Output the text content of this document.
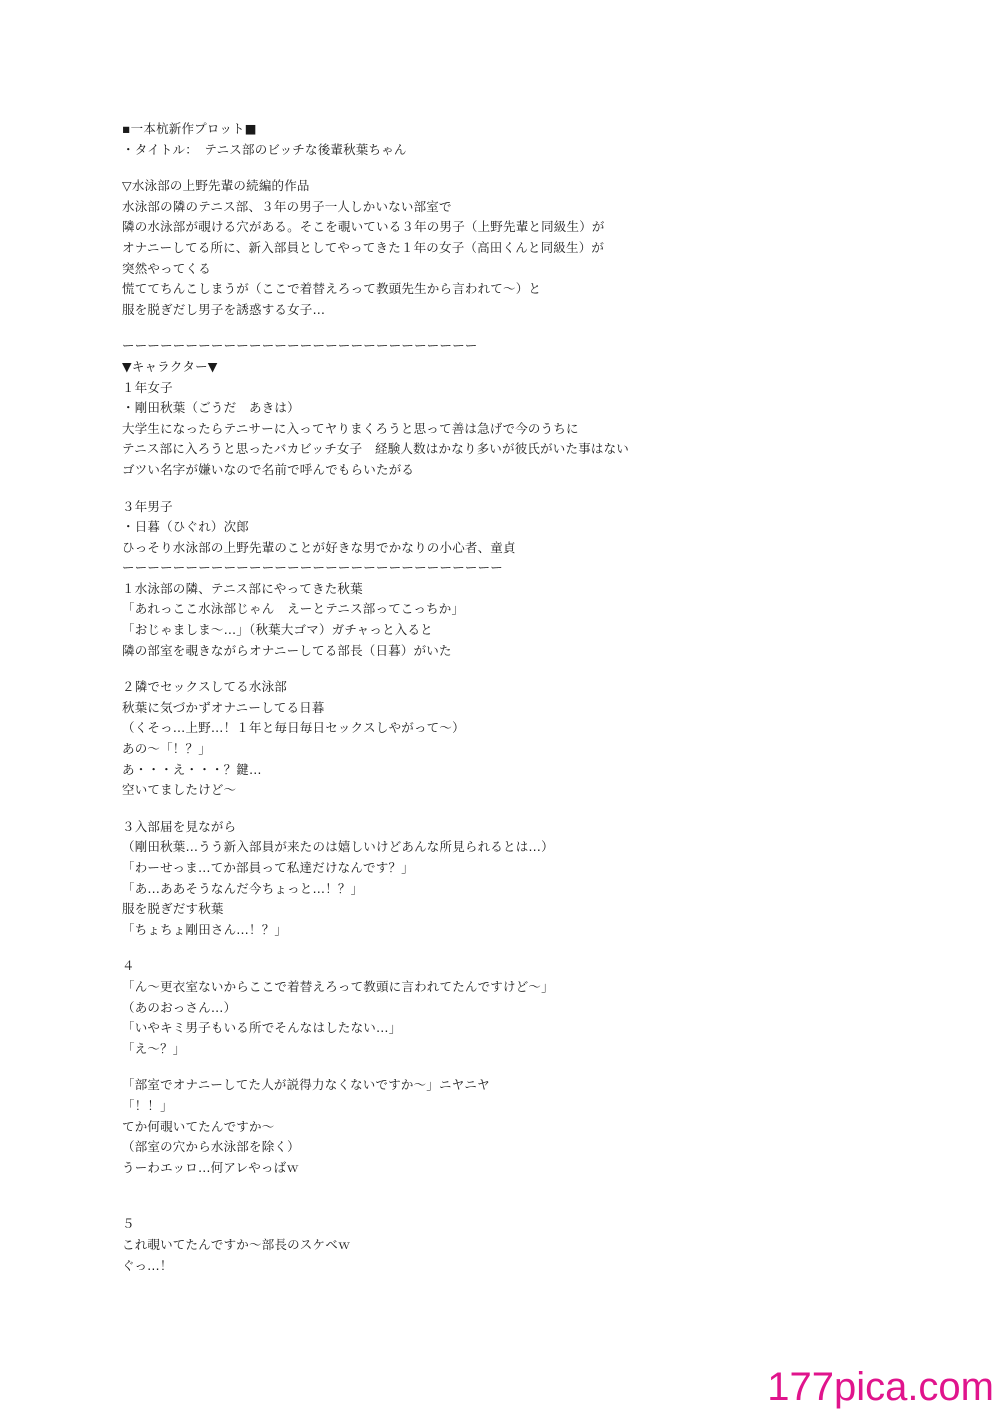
▪一本杭新作プロット■
・タイトル：　テニス部のビッチな後輩秋葉ちゃん
▽水泳部の上野先輩の続編的作品
水泳部の隣のテニス部、３年の男子一人しかいない部室で
隣の水泳部が覗ける穴がある。そこを覗いている３年の男子（上野先輩と同級生）が
オナニーしてる所に、新入部員としてやってきた１年の女子（高田くんと同級生）が
突然やってくる
慌ててちんこしまうが（ここで着替えろって教頭先生から言われて〜）と
服を脱ぎだし男子を誘惑する女子…
ーーーーーーーーーーーーーーーーーーーーーーーーーーーー
▼キャラクター▼
１年女子
・剛田秋葉（ごうだ　あきは）
大学生になったらテニサーに入ってヤりまくろうと思って善は急げで今のうちに
テニス部に入ろうと思ったバカビッチ女子　経験人数はかなり多いが彼氏がいた事はない
ゴツい名字が嫌いなので名前で呼んでもらいたがる
３年男子
・日暮（ひぐれ）次郎
ひっそり水泳部の上野先輩のことが好きな男でかなりの小心者、童貞
ーーーーーーーーーーーーーーーーーーーーーーーーーーーーーー
１水泳部の隣、テニス部にやってきた秋葉
「あれっここ水泳部じゃん　えーとテニス部ってこっちか」
「おじゃましま〜…」（秋葉大ゴマ）ガチャっと入ると
隣の部室を覗きながらオナニーしてる部長（日暮）がいた
２隣でセックスしてる水泳部
秋葉に気づかずオナニーしてる日暮
（くそっ…上野…！１年と毎日毎日セックスしやがって〜）
あの〜「！？」
あ・・・え・・・？鍵…
空いてましたけど〜
３入部届を見ながら
（剛田秋葉…うう新入部員が来たのは嬉しいけどあんな所見られるとは…）
「わーせっま…てか部員って私達だけなんです？」
「あ…ああそうなんだ今ちょっと…！？」
服を脱ぎだす秋葉
「ちょちょ剛田さん…！？」
４
「ん〜更衣室ないからここで着替えろって教頭に言われてたんですけど〜」
（あのおっさん…）
「いやキミ男子もいる所でそんなはしたない…」
「え〜？」
「部室でオナニーしてた人が説得力なくないですか〜」ニヤニヤ
「！！」
てか何覗いてたんですか〜
（部室の穴から水泳部を除く）
うーわエッロ…何アレやっばｗ
５
これ覗いてたんですか〜部長のスケベｗ
ぐっ…！
177pica.com
